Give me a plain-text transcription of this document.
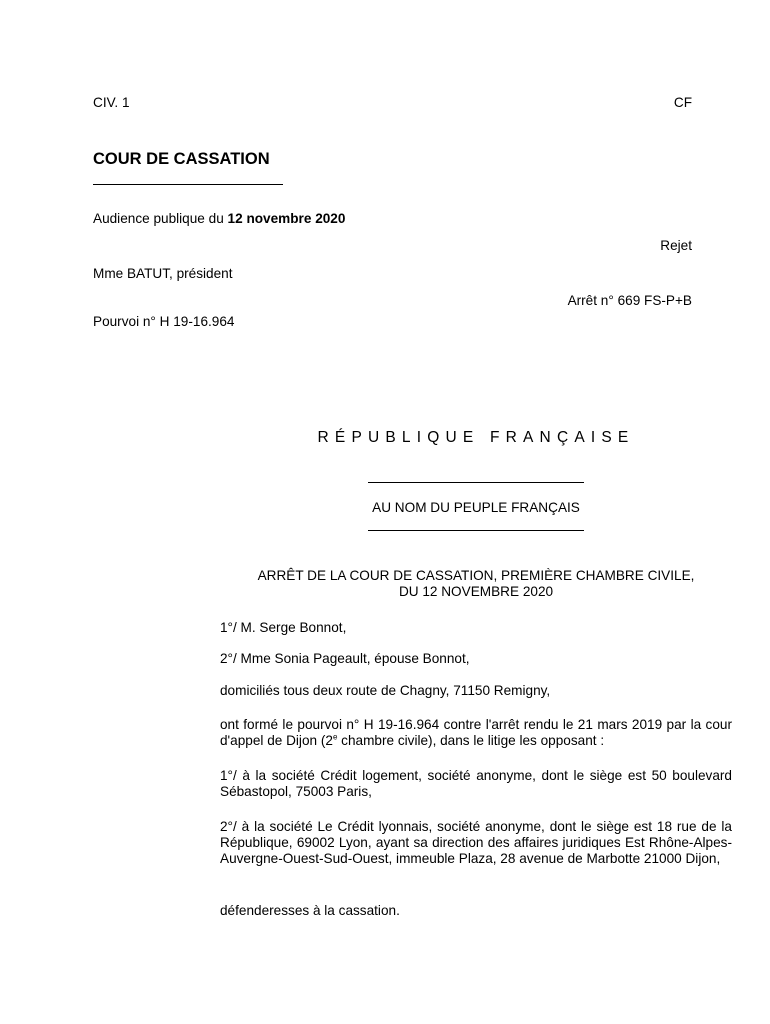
CIV. 1	CF
COUR DE CASSATION
Audience publique du 12 novembre 2020
Rejet
Mme BATUT, président
Arrêt n° 669 FS-P+B
Pourvoi n° H 19-16.964
RÉPUBLIQUE FRANÇAISE
AU NOM DU PEUPLE FRANÇAIS
ARRÊT DE LA COUR DE CASSATION, PREMIÈRE CHAMBRE CIVILE,
DU 12 NOVEMBRE 2020
1°/ M. Serge Bonnot,
2°/ Mme Sonia Pageault, épouse Bonnot,
domiciliés tous deux route de Chagny, 71150 Remigny,
ont formé le pourvoi n° H 19-16.964 contre l'arrêt rendu le 21 mars 2019 par la cour d'appel de Dijon (2e chambre civile), dans le litige les opposant :
1°/ à la société Crédit logement, société anonyme, dont le siège est 50 boulevard Sébastopol, 75003 Paris,
2°/ à la société Le Crédit lyonnais, société anonyme, dont le siège est 18 rue de la République, 69002 Lyon, ayant sa direction des affaires juridiques Est Rhône-Alpes-Auvergne-Ouest-Sud-Ouest, immeuble Plaza, 28 avenue de Marbotte 21000 Dijon,
défenderesses à la cassation.
